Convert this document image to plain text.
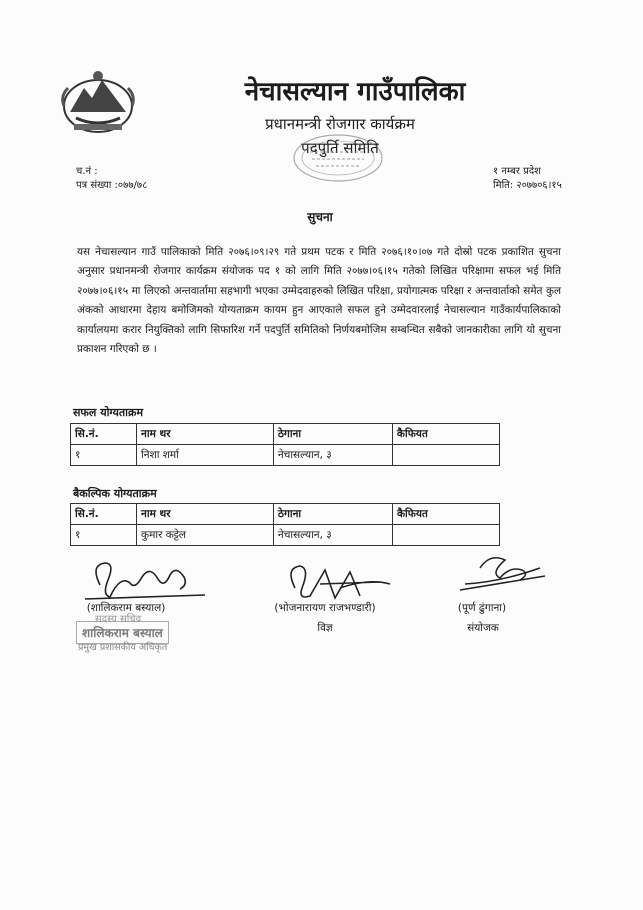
नेचासल्यान गाउँपालिका
प्रधानमन्त्री रोजगार कार्यक्रम
पदपुर्ति समिति
च.नं :
पत्र संख्या :०७७/७८
१ नम्बर प्रदेश
मिति: २०७७०६।१५
सुचना
यस नेचासल्यान गाउँ पालिकाको मिति २०७६।०९।२९ गते प्रथम पटक र मिति २०७६।१०।०७ गते दोस्रो पटक प्रकाशित सुचना अनुसार प्रधानमन्त्री रोजगार कार्यक्रम संयोजक पद १ को लागि मिति २०७७।०६।१५ गतेको लिखित परिक्षामा सफल भई मिति २०७७।०६।१५ मा लिएको अन्तवार्तामा सहभागी भएका उम्मेदवाहरुको लिखित परिक्षा, प्रयोगात्मक परिक्षा र अन्तवार्ताको समेत कुल अंकको आधारमा देहाय बमोजिमको योग्यताक्रम कायम हुन आएकाले सफल हुने उम्मेदवारलाई नेचासल्यान गाउँकार्यपालिकाको कार्यालयमा करार नियुक्तिको लागि सिफारिश गर्ने पदपुर्ति समितिको निर्णयबमोजिम सम्बन्धित सबैको जानकारीका लागि यो सुचना प्रकाशन गरिएको छ ।
सफल योग्यताक्रम
सि.नं.	नाम थर	ठेगाना	कैफियत
१	निशा शर्मा	नेचासल्यान, ३	
बैकल्पिक योग्यताक्रम
सि.नं.	नाम थर	ठेगाना	कैफियत
१	कुमार कट्टेल	नेचासल्यान, ३	
(शालिकराम बस्याल)
सदस्य सचिव
शालिकराम बस्याल
प्रमुख प्रशासकीय अधिकृत
(भोजनारायण राजभण्डारी)
विज्ञ
(पूर्ण ढुंगाना)
संयोजक
